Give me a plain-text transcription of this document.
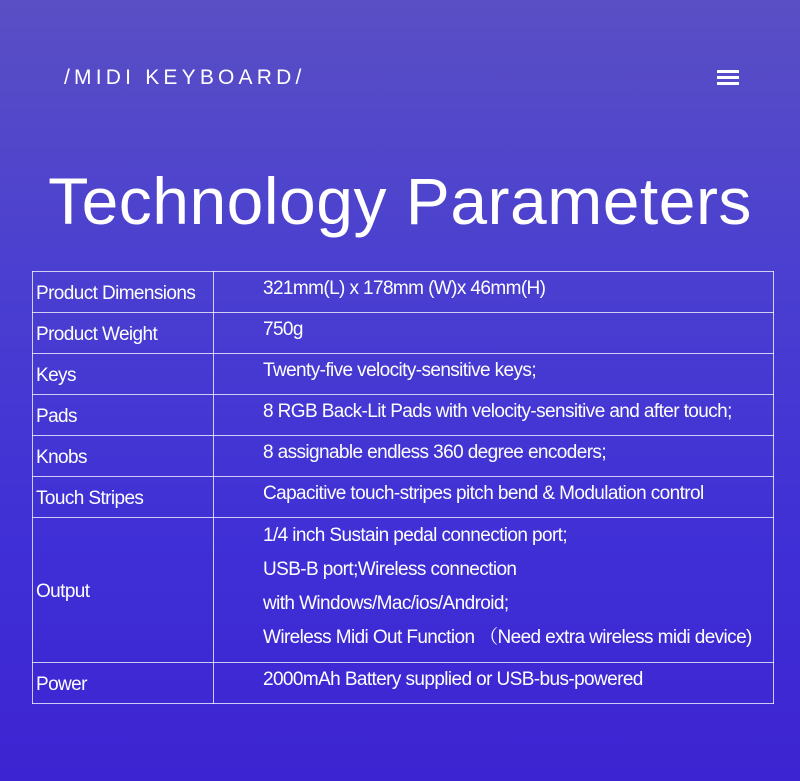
/MIDI KEYBOARD/
Technology Parameters
Product Dimensions	321mm(L) x 178mm (W)x 46mm(H)

Product Weight	750g

Keys	Twenty-five velocity-sensitive keys;

Pads	8 RGB Back-Lit Pads with velocity-sensitive and after touch;

Knobs	8 assignable endless 360 degree encoders;

Touch Stripes	Capacitive touch-stripes pitch bend & Modulation control

Output	1/4 inch Sustain pedal connection port;
USB-B port;Wireless connection
with Windows/Mac/ios/Android;
Wireless Midi Out Function （Need extra wireless midi device)

Power	2000mAh Battery supplied or USB-bus-powered
